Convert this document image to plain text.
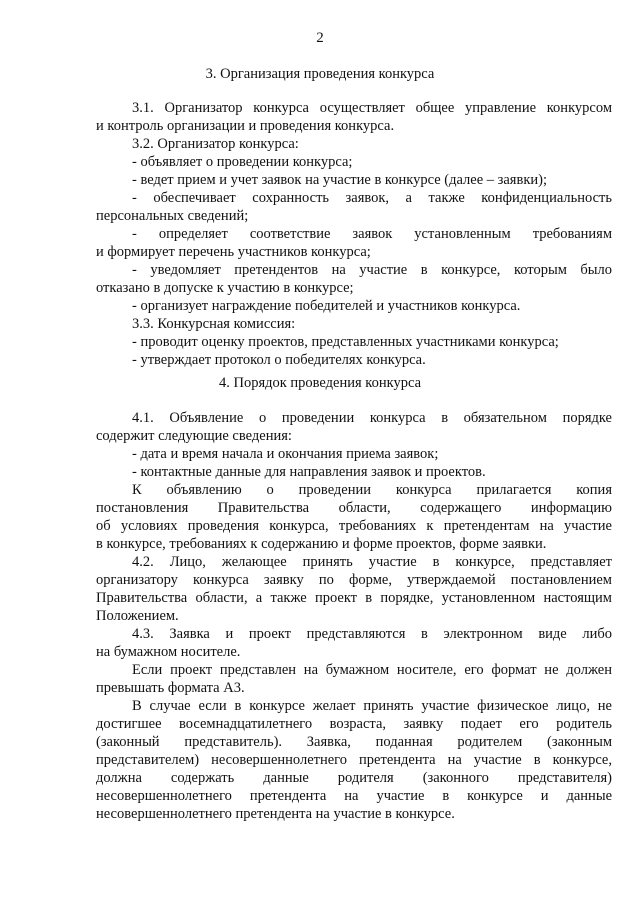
2
3. Организация проведения конкурса
3.1. Организатор конкурса осуществляет общее управление конкурсом
и контроль организации и проведения конкурса.
3.2. Организатор конкурса:
- объявляет о проведении конкурса;
- ведет прием и учет заявок на участие в конкурсе (далее – заявки);
- обеспечивает сохранность заявок, а также конфиденциальность
персональных сведений;
- определяет соответствие заявок установленным требованиям
и формирует перечень участников конкурса;
- уведомляет претендентов на участие в конкурсе, которым было
отказано в допуске к участию в конкурсе;
- организует награждение победителей и участников конкурса.
3.3. Конкурсная комиссия:
- проводит оценку проектов, представленных участниками конкурса;
- утверждает протокол о победителях конкурса.
4. Порядок проведения конкурса
4.1. Объявление о проведении конкурса в обязательном порядке
содержит следующие сведения:
- дата и время начала и окончания приема заявок;
- контактные данные для направления заявок и проектов.
К объявлению о проведении конкурса прилагается копия
постановления Правительства области, содержащего информацию
об условиях проведения конкурса, требованиях к претендентам на участие
в конкурсе, требованиях к содержанию и форме проектов, форме заявки.
4.2. Лицо, желающее принять участие в конкурсе, представляет
организатору конкурса заявку по форме, утверждаемой постановлением
Правительства области, а также проект в порядке, установленном настоящим
Положением.
4.3. Заявка и проект представляются в электронном виде либо
на бумажном носителе.
Если проект представлен на бумажном носителе, его формат не должен
превышать формата А3.
В случае если в конкурсе желает принять участие физическое лицо, не
достигшее восемнадцатилетнего возраста, заявку подает его родитель
(законный представитель). Заявка, поданная родителем (законным
представителем) несовершеннолетнего претендента на участие в конкурсе,
должна содержать данные родителя (законного представителя)
несовершеннолетнего претендента на участие в конкурсе и данные
несовершеннолетнего претендента на участие в конкурсе.
